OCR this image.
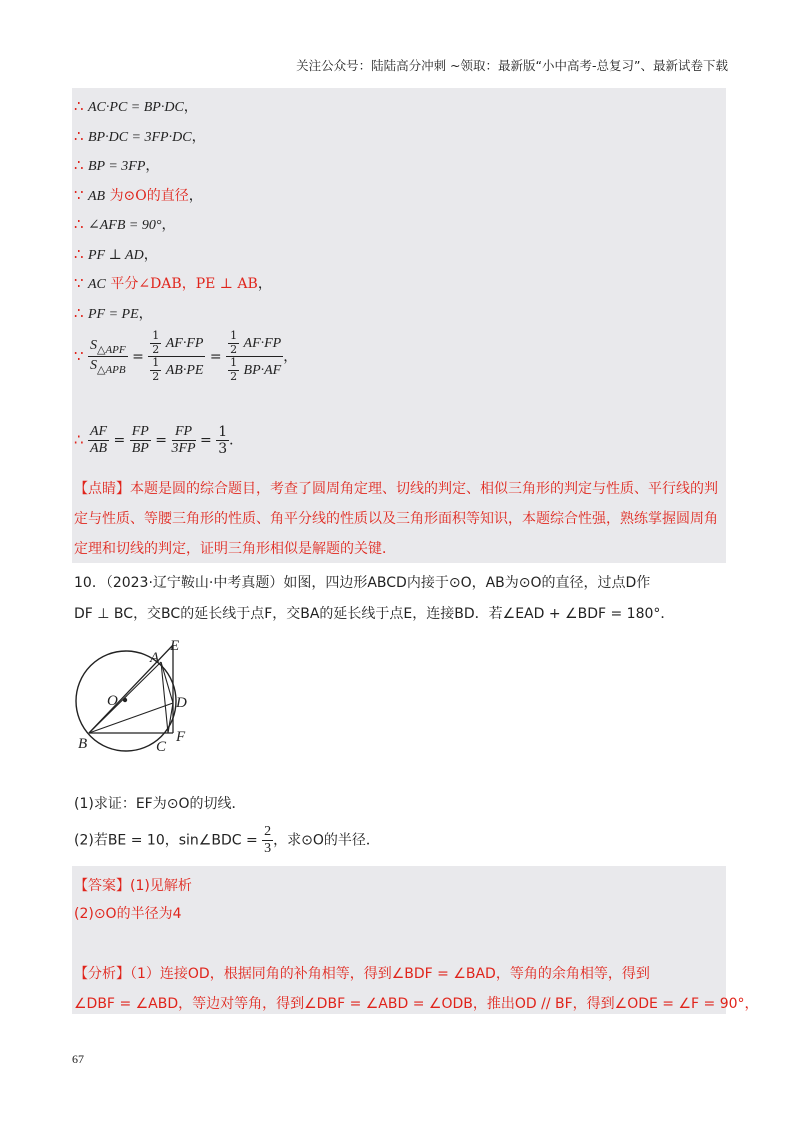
关注公众号：陆陆高分冲刺 ~领取：最新版“小中高考-总复习”、最新试卷下载
∴ AC·PC = BP·DC，
∴ BP·DC = 3FP·DC，
∴ BP = 3FP，
∵ AB 为⊙O的直径，
∴ ∠AFB = 90°，
∴ PF ⊥ AD，
∵ AC 平分∠DAB，PE ⊥ AB，
∴ PF = PE，
∵ $\frac{S_{\triangle APF}}{S_{\triangle APB}} = \frac{\frac{1}{2} AF\cdot FP}{\frac{1}{2} AB\cdot PE} = \frac{\frac{1}{2} AF\cdot FP}{\frac{1}{2} BP\cdot AF}$ ，
∴ $\frac{AF}{AB} = \frac{FP}{BP} = \frac{FP}{3FP} = \frac{1}{3}$ ．
【点睛】本题是圆的综合题目，考查了圆周角定理、切线的判定、相似三角形的判定与性质、平行线的判定与性质、等腰三角形的性质、角平分线的性质以及三角形面积等知识，本题综合性强，熟练掌握圆周角定理和切线的判定，证明三角形相似是解题的关键．
10．（2023·辽宁鞍山·中考真题）如图，四边形ABCD内接于⊙O，AB为⊙O的直径，过点D作
DF ⊥ BC，交BC的延长线于点F，交BA的延长线于点E，连接BD．若∠EAD + ∠BDF = 180°．
E
A
O	D
B	C
F
(1)求证：EF为⊙O的切线．
(2)若BE = 10，sin∠BDC = $\frac{2}{3}$ ，求⊙O的半径．
【答案】(1)见解析
(2)⊙O的半径为4
【分析】（1）连接OD，根据同角的补角相等，得到∠BDF = ∠BAD，等角的余角相等，得到
∠DBF = ∠ABD，等边对等角，得到∠DBF = ∠ABD = ∠ODB，推出OD // BF，得到∠ODE = ∠F = 90°，
67
